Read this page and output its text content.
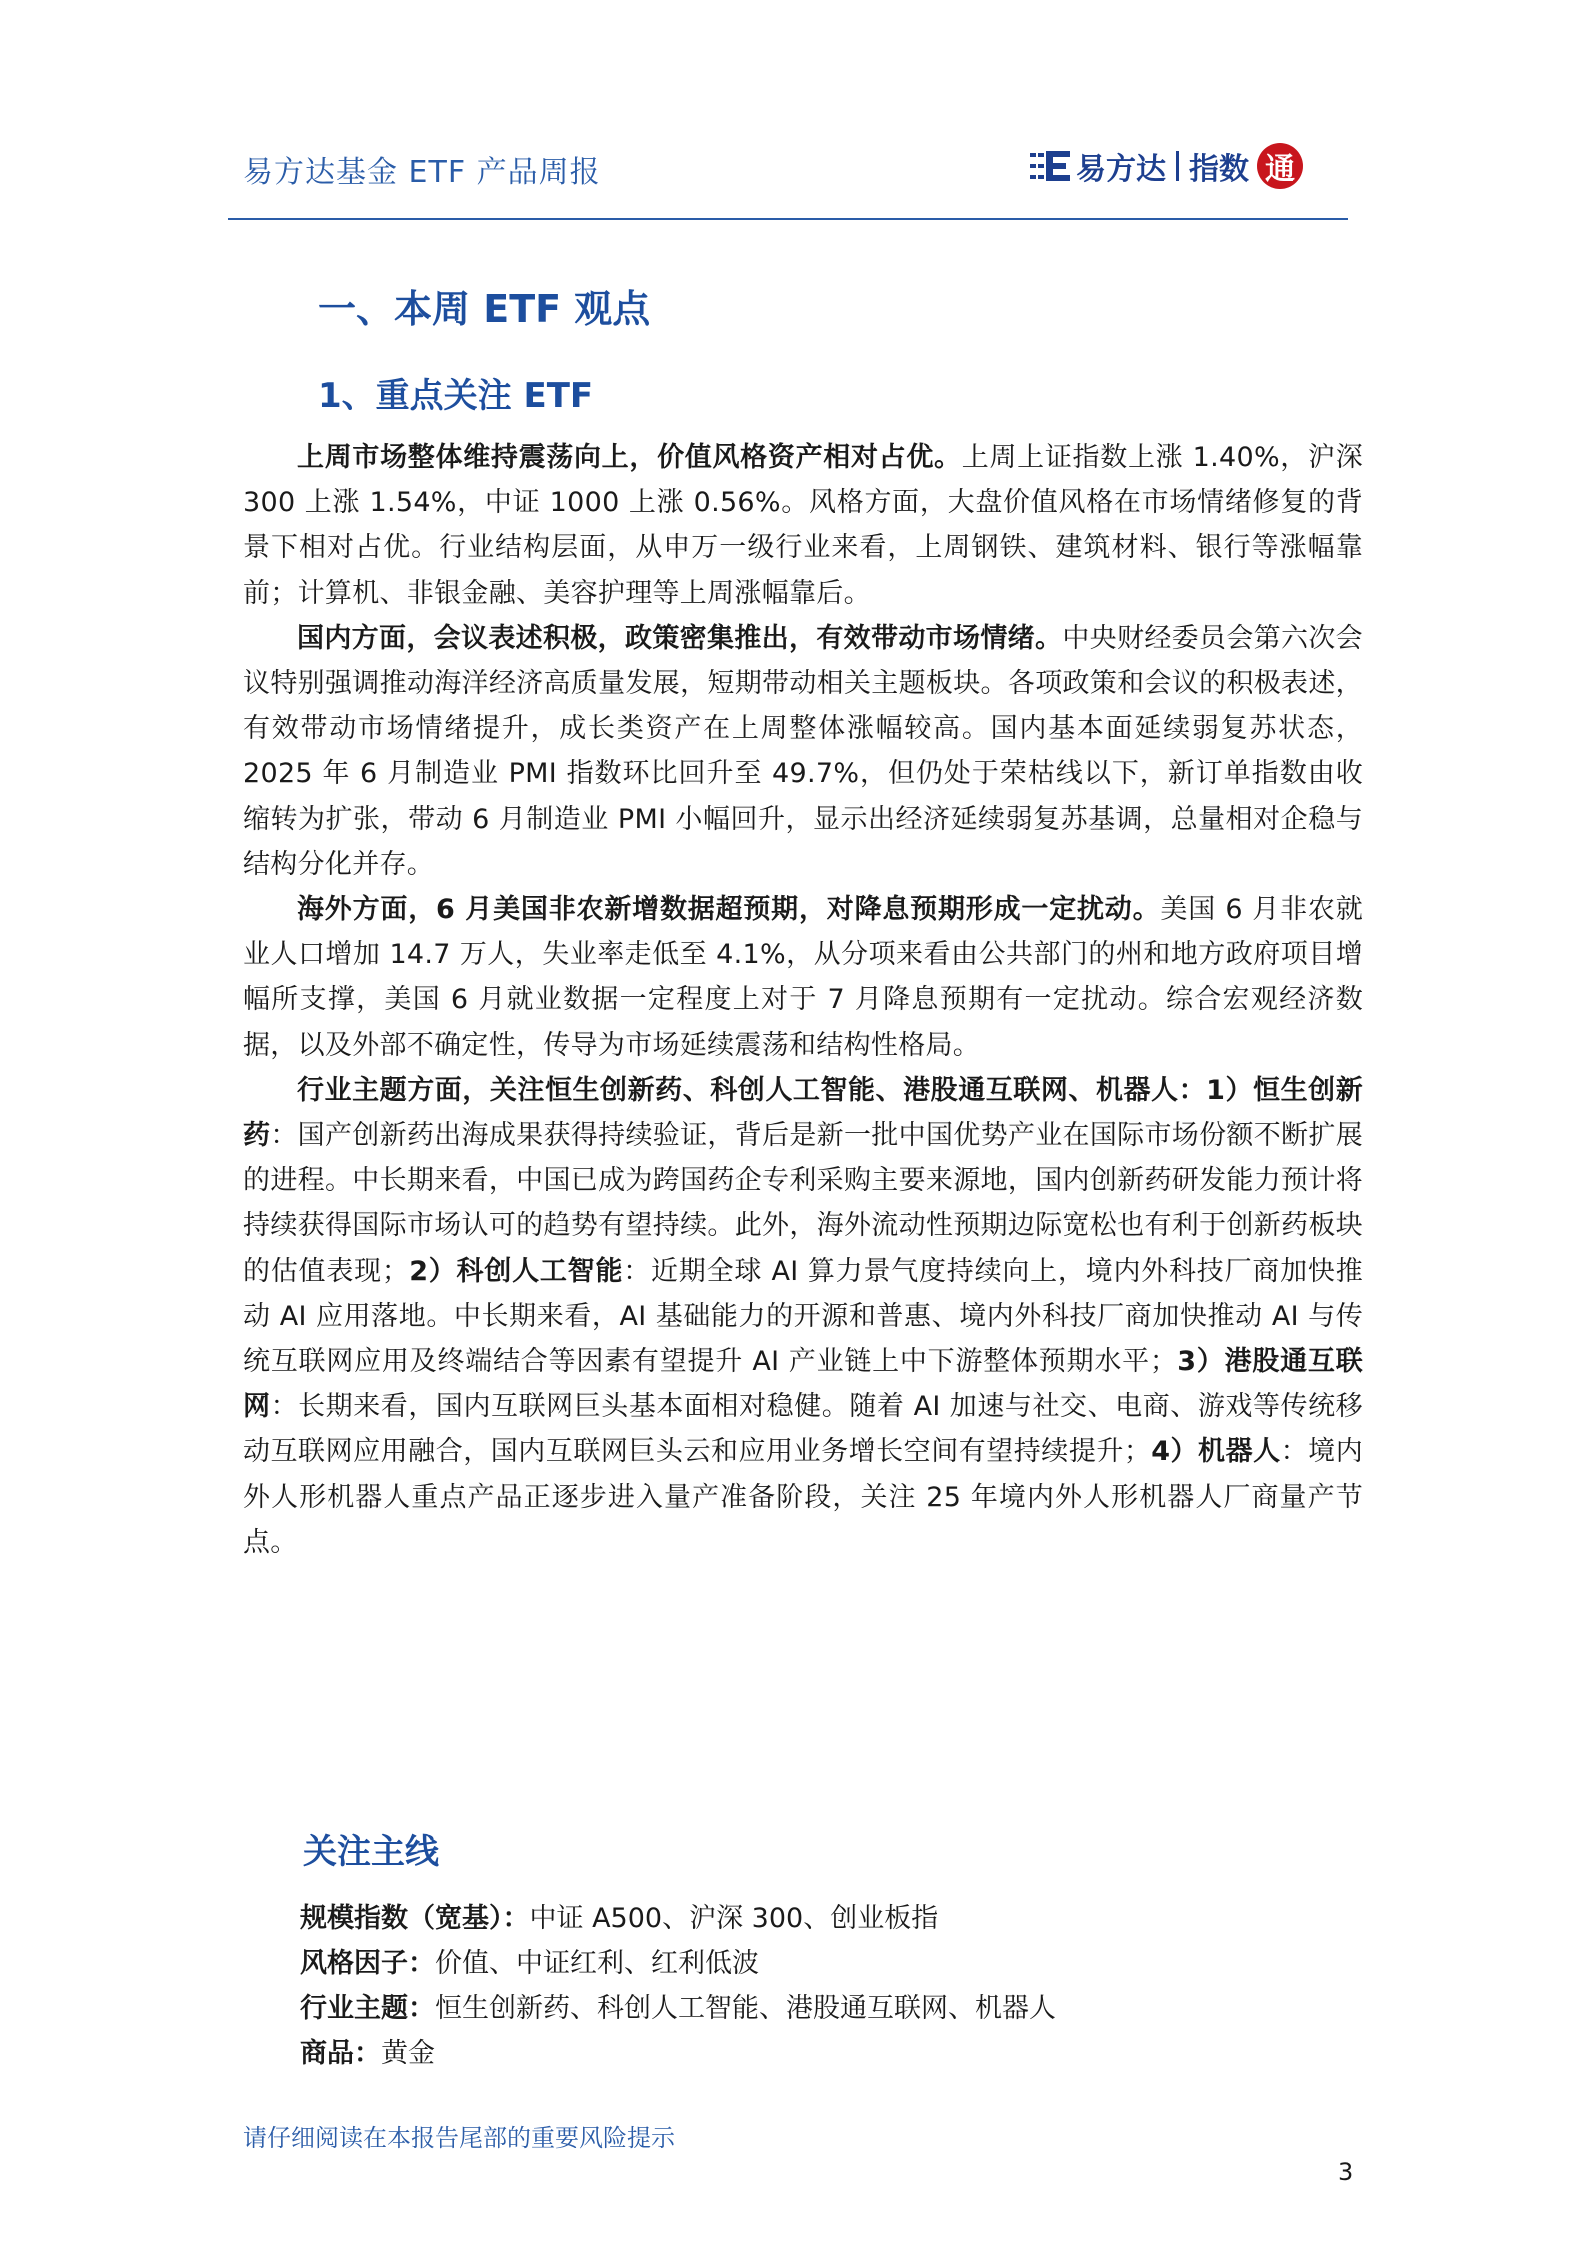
易方达基金 ETF 产品周报	易方达 指数 通
一、本周 ETF 观点
1、重点关注 ETF

上周市场整体维持震荡向上，价值风格资产相对占优。上周上证指数上涨 1.40%，沪深 300 上涨 1.54%，中证 1000 上涨 0.56%。风格方面，大盘价值风格在市场情绪修复的背景下相对占优。行业结构层面，从申万一级行业来看，上周钢铁、建筑材料、银行等涨幅靠前；计算机、非银金融、美容护理等上周涨幅靠后。

国内方面，会议表述积极，政策密集推出，有效带动市场情绪。中央财经委员会第六次会议特别强调推动海洋经济高质量发展，短期带动相关主题板块。各项政策和会议的积极表述，有效带动市场情绪提升，成长类资产在上周整体涨幅较高。国内基本面延续弱复苏状态，2025 年 6 月制造业 PMI 指数环比回升至 49.7%，但仍处于荣枯线以下，新订单指数由收缩转为扩张，带动 6 月制造业 PMI 小幅回升，显示出经济延续弱复苏基调，总量相对企稳与结构分化并存。

海外方面，6 月美国非农新增数据超预期，对降息预期形成一定扰动。美国 6 月非农就业人口增加 14.7 万人，失业率走低至 4.1%，从分项来看由公共部门的州和地方政府项目增幅所支撑，美国 6 月就业数据一定程度上对于 7 月降息预期有一定扰动。综合宏观经济数据，以及外部不确定性，传导为市场延续震荡和结构性格局。

行业主题方面，关注恒生创新药、科创人工智能、港股通互联网、机器人：1）恒生创新药：国产创新药出海成果获得持续验证，背后是新一批中国优势产业在国际市场份额不断扩展的进程。中长期来看，中国已成为跨国药企专利采购主要来源地，国内创新药研发能力预计将持续获得国际市场认可的趋势有望持续。此外，海外流动性预期边际宽松也有利于创新药板块的估值表现；2）科创人工智能：近期全球 AI 算力景气度持续向上，境内外科技厂商加快推动 AI 应用落地。中长期来看，AI 基础能力的开源和普惠、境内外科技厂商加快推动 AI 与传统互联网应用及终端结合等因素有望提升 AI 产业链上中下游整体预期水平；3）港股通互联网：长期来看，国内互联网巨头基本面相对稳健。随着 AI 加速与社交、电商、游戏等传统移动互联网应用融合，国内互联网巨头云和应用业务增长空间有望持续提升；4）机器人：境内外人形机器人重点产品正逐步进入量产准备阶段，关注 25 年境内外人形机器人厂商量产节点。

关注主线
规模指数（宽基）：中证 A500、沪深 300、创业板指
风格因子：价值、中证红利、红利低波
行业主题：恒生创新药、科创人工智能、港股通互联网、机器人
商品：黄金
请仔细阅读在本报告尾部的重要风险提示
3
